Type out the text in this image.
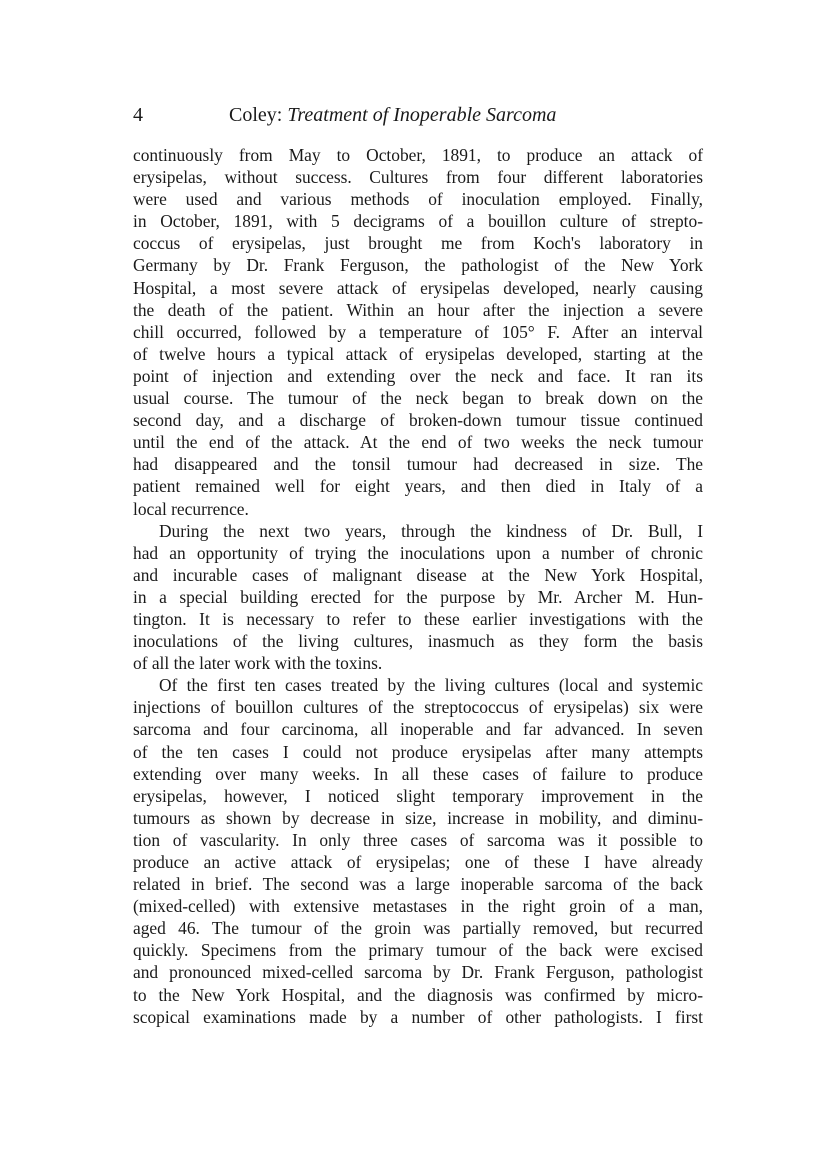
4	Coley: Treatment of Inoperable Sarcoma
continuously from May to October, 1891, to produce an attack of
erysipelas, without success. Cultures from four different laboratories
were used and various methods of inoculation employed. Finally,
in October, 1891, with 5 decigrams of a bouillon culture of strepto-
coccus of erysipelas, just brought me from Koch's laboratory in
Germany by Dr. Frank Ferguson, the pathologist of the New York
Hospital, a most severe attack of erysipelas developed, nearly causing
the death of the patient. Within an hour after the injection a severe
chill occurred, followed by a temperature of 105° F. After an interval
of twelve hours a typical attack of erysipelas developed, starting at the
point of injection and extending over the neck and face. It ran its
usual course. The tumour of the neck began to break down on the
second day, and a discharge of broken-down tumour tissue continued
until the end of the attack. At the end of two weeks the neck tumour
had disappeared and the tonsil tumour had decreased in size. The
patient remained well for eight years, and then died in Italy of a
local recurrence.
During the next two years, through the kindness of Dr. Bull, I
had an opportunity of trying the inoculations upon a number of chronic
and incurable cases of malignant disease at the New York Hospital,
in a special building erected for the purpose by Mr. Archer M. Hun-
tington. It is necessary to refer to these earlier investigations with the
inoculations of the living cultures, inasmuch as they form the basis
of all the later work with the toxins.
Of the first ten cases treated by the living cultures (local and systemic
injections of bouillon cultures of the streptococcus of erysipelas) six were
sarcoma and four carcinoma, all inoperable and far advanced. In seven
of the ten cases I could not produce erysipelas after many attempts
extending over many weeks. In all these cases of failure to produce
erysipelas, however, I noticed slight temporary improvement in the
tumours as shown by decrease in size, increase in mobility, and diminu-
tion of vascularity. In only three cases of sarcoma was it possible to
produce an active attack of erysipelas; one of these I have already
related in brief. The second was a large inoperable sarcoma of the back
(mixed-celled) with extensive metastases in the right groin of a man,
aged 46. The tumour of the groin was partially removed, but recurred
quickly. Specimens from the primary tumour of the back were excised
and pronounced mixed-celled sarcoma by Dr. Frank Ferguson, pathologist
to the New York Hospital, and the diagnosis was confirmed by micro-
scopical examinations made by a number of other pathologists. I first
